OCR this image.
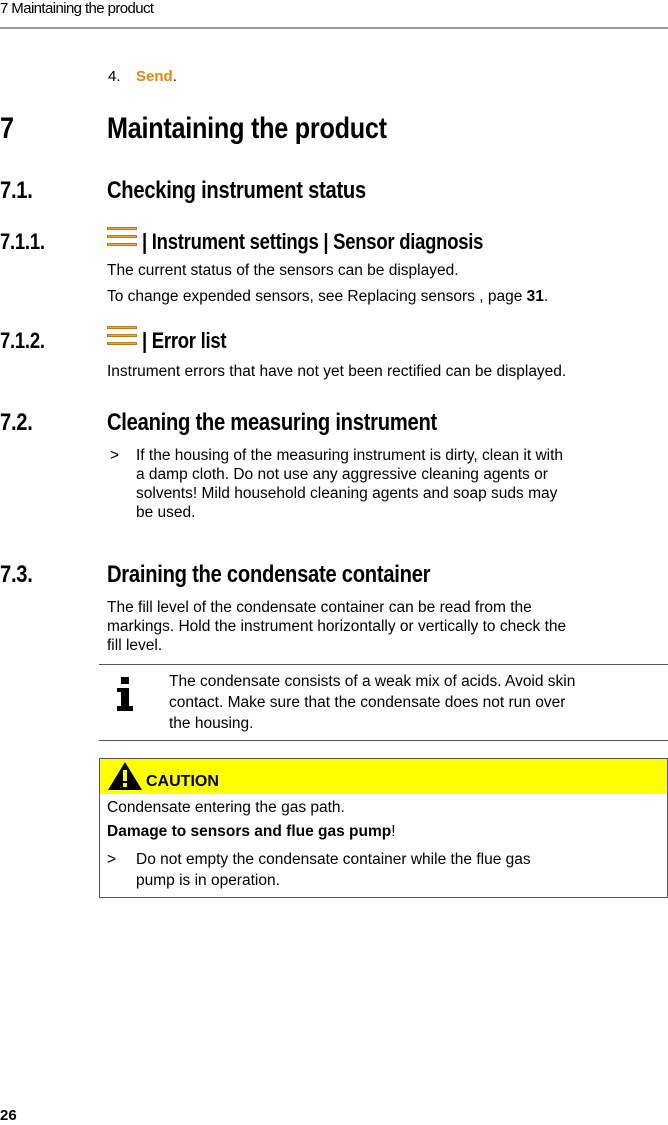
7 Maintaining the product
4. Send.
7	Maintaining the product
7.1.	Checking instrument status
7.1.1.	| Instrument settings | Sensor diagnosis
The current status of the sensors can be displayed.
To change expended sensors, see Replacing sensors , page 31.
7.1.2.	| Error list
Instrument errors that have not yet been rectified can be displayed.
7.2.	Cleaning the measuring instrument
> If the housing of the measuring instrument is dirty, clean it with
a damp cloth. Do not use any aggressive cleaning agents or
solvents! Mild household cleaning agents and soap suds may
be used.
7.3.	Draining the condensate container
The fill level of the condensate container can be read from the
markings. Hold the instrument horizontally or vertically to check the
fill level.
The condensate consists of a weak mix of acids. Avoid skin
contact. Make sure that the condensate does not run over
the housing.
CAUTION
Condensate entering the gas path.
Damage to sensors and flue gas pump!
> Do not empty the condensate container while the flue gas
pump is in operation.
26
